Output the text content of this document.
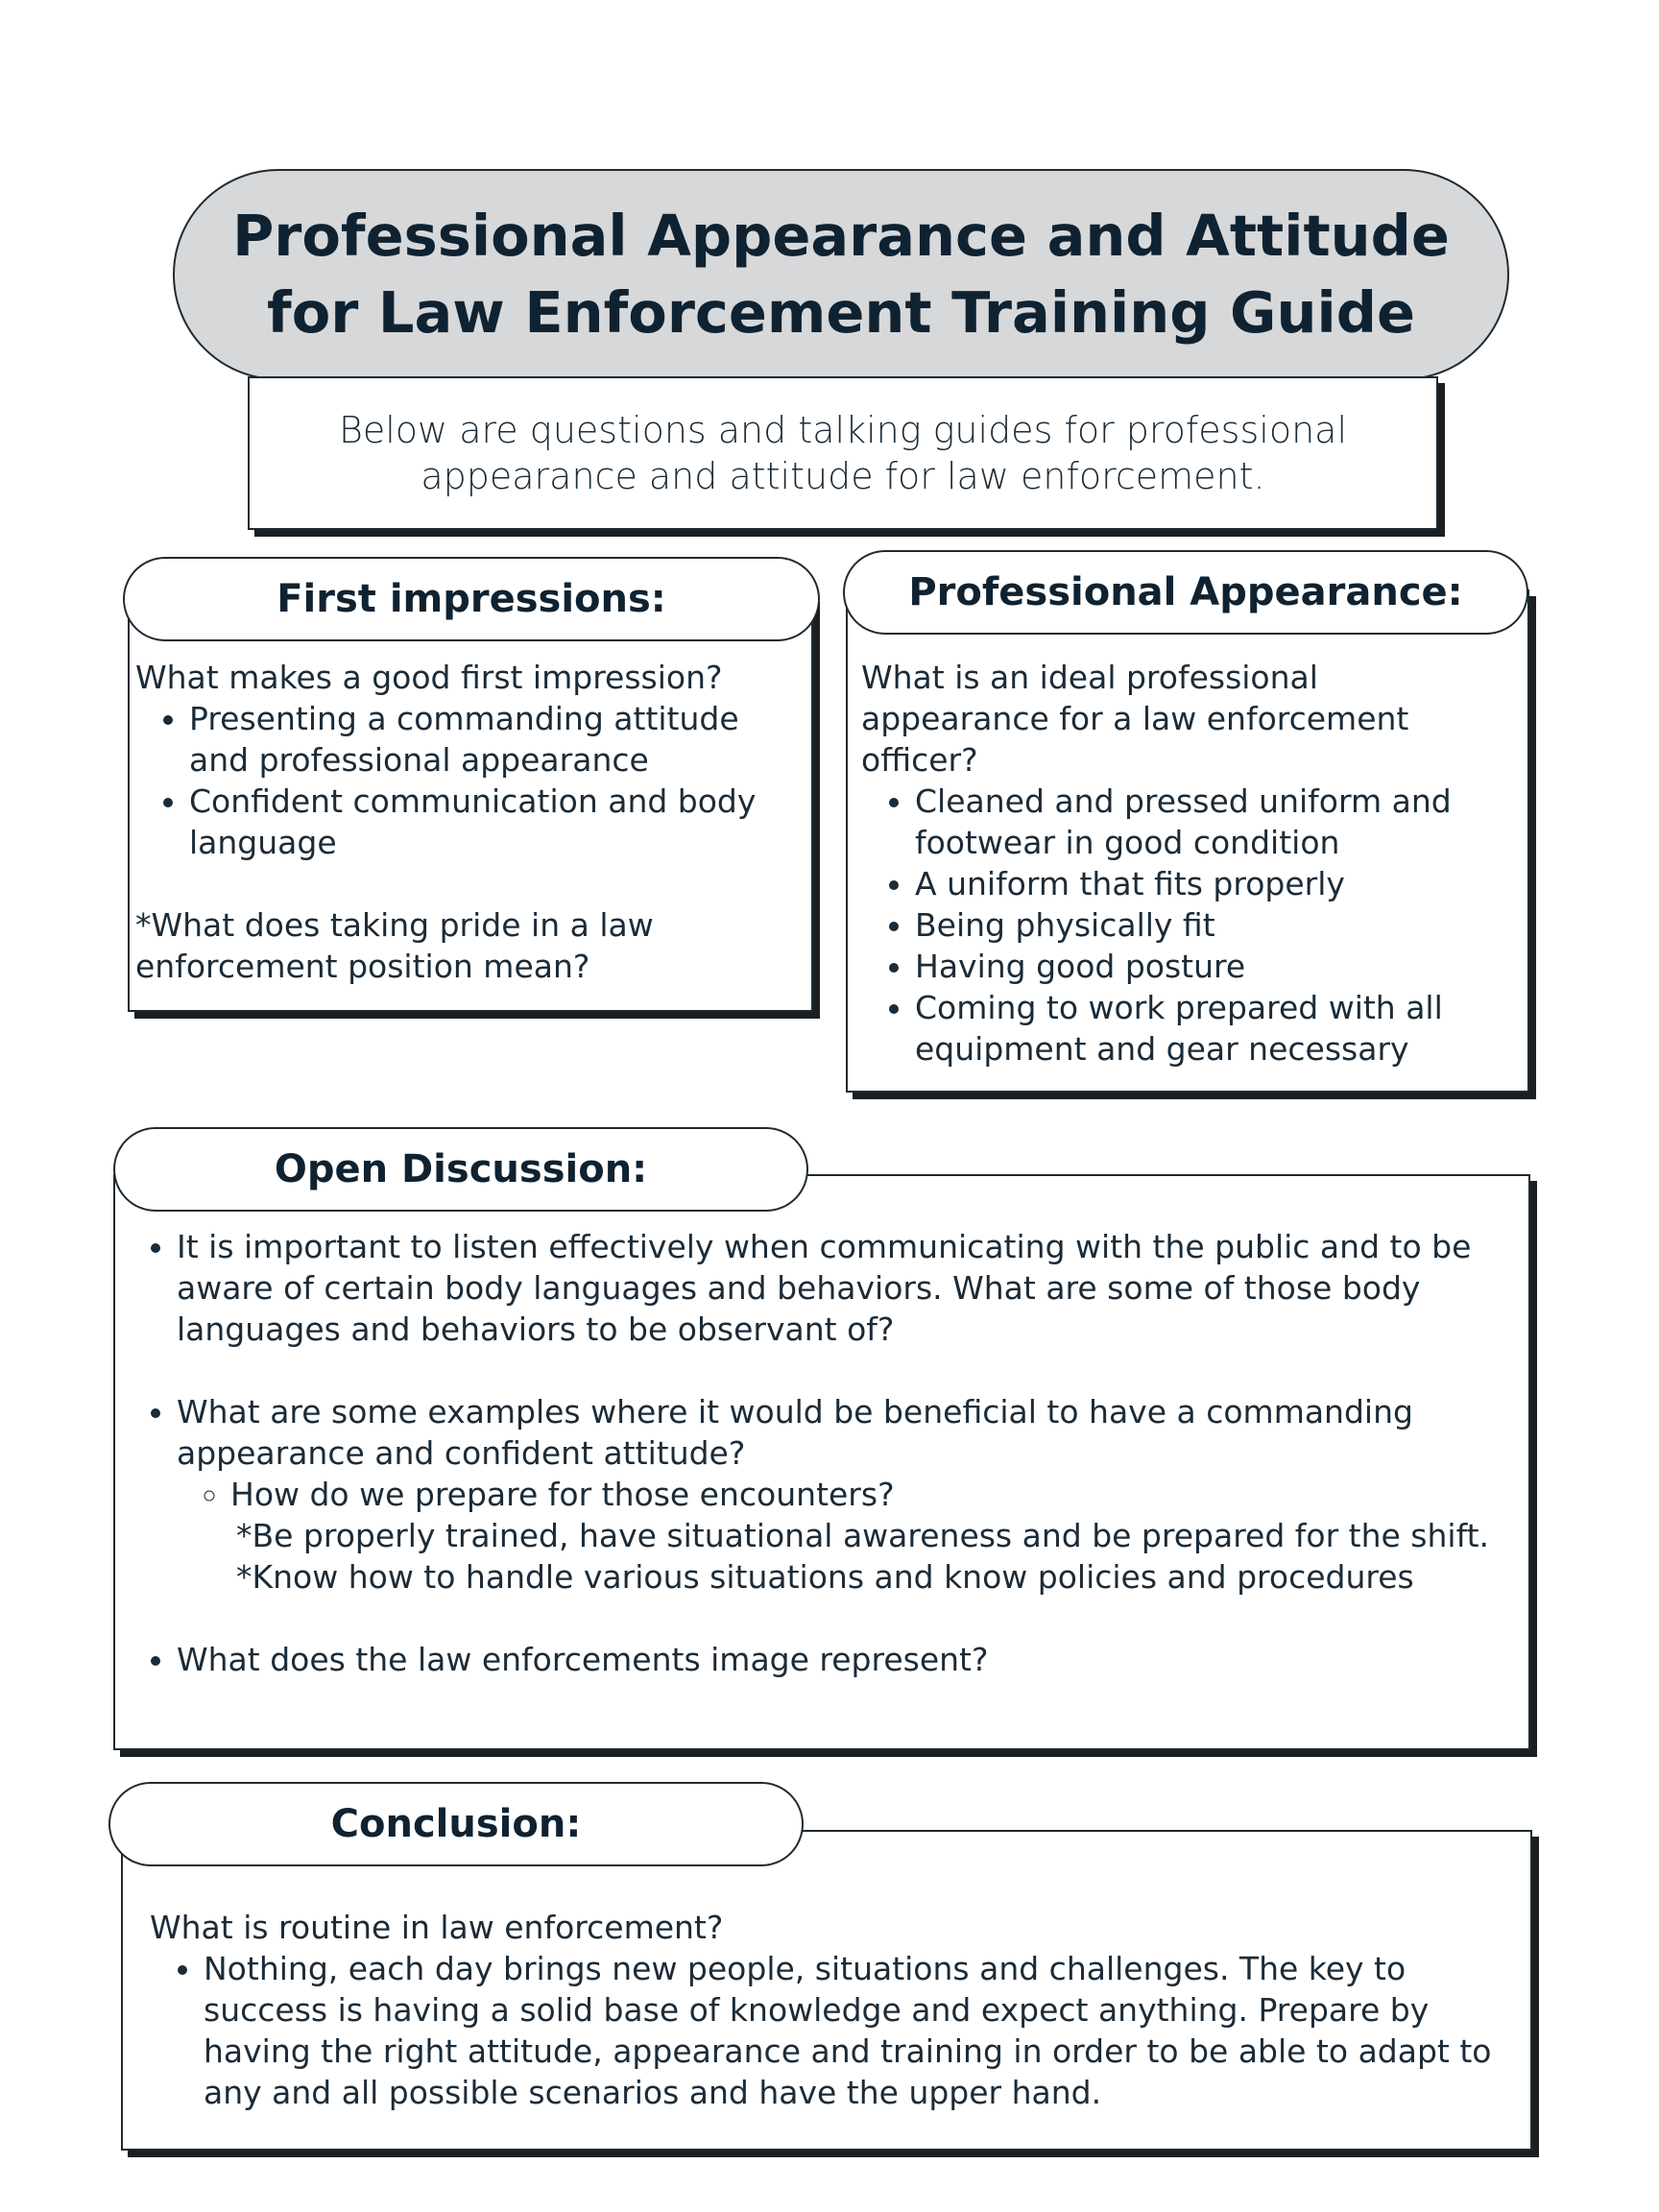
Professional Appearance and Attitude for Law Enforcement Training Guide

Below are questions and talking guides for professional appearance and attitude for law enforcement.

What makes a good first impression?

• Presenting a commanding attitude and professional appearance
• Confident communication and body language

*What does taking pride in a law enforcement position mean?

First impressions:

What is an ideal professional appearance for a law enforcement officer?

• Cleaned and pressed uniform and footwear in good condition
• A uniform that fits properly
• Being physically fit
• Having good posture
• Coming to work prepared with all equipment and gear necessary
Professional Appearance:
• It is important to listen effectively when communicating with the public and to be aware of certain body languages and behaviors. What are some of those body languages and behaviors to be observant of?
• What are some examples where it would be beneficial to have a commanding appearance and confident attitude?
◦ How do we prepare for those encounters?

*Be properly trained, have situational awareness and be prepared for the shift.

*Know how to handle various situations and know policies and procedures

• What does the law enforcements image represent?
Open Discussion:

What is routine in law enforcement?

• Nothing, each day brings new people, situations and challenges. The key to success is having a solid base of knowledge and expect anything. Prepare by having the right attitude, appearance and training in order to be able to adapt to any and all possible scenarios and have the upper hand.
Conclusion:
